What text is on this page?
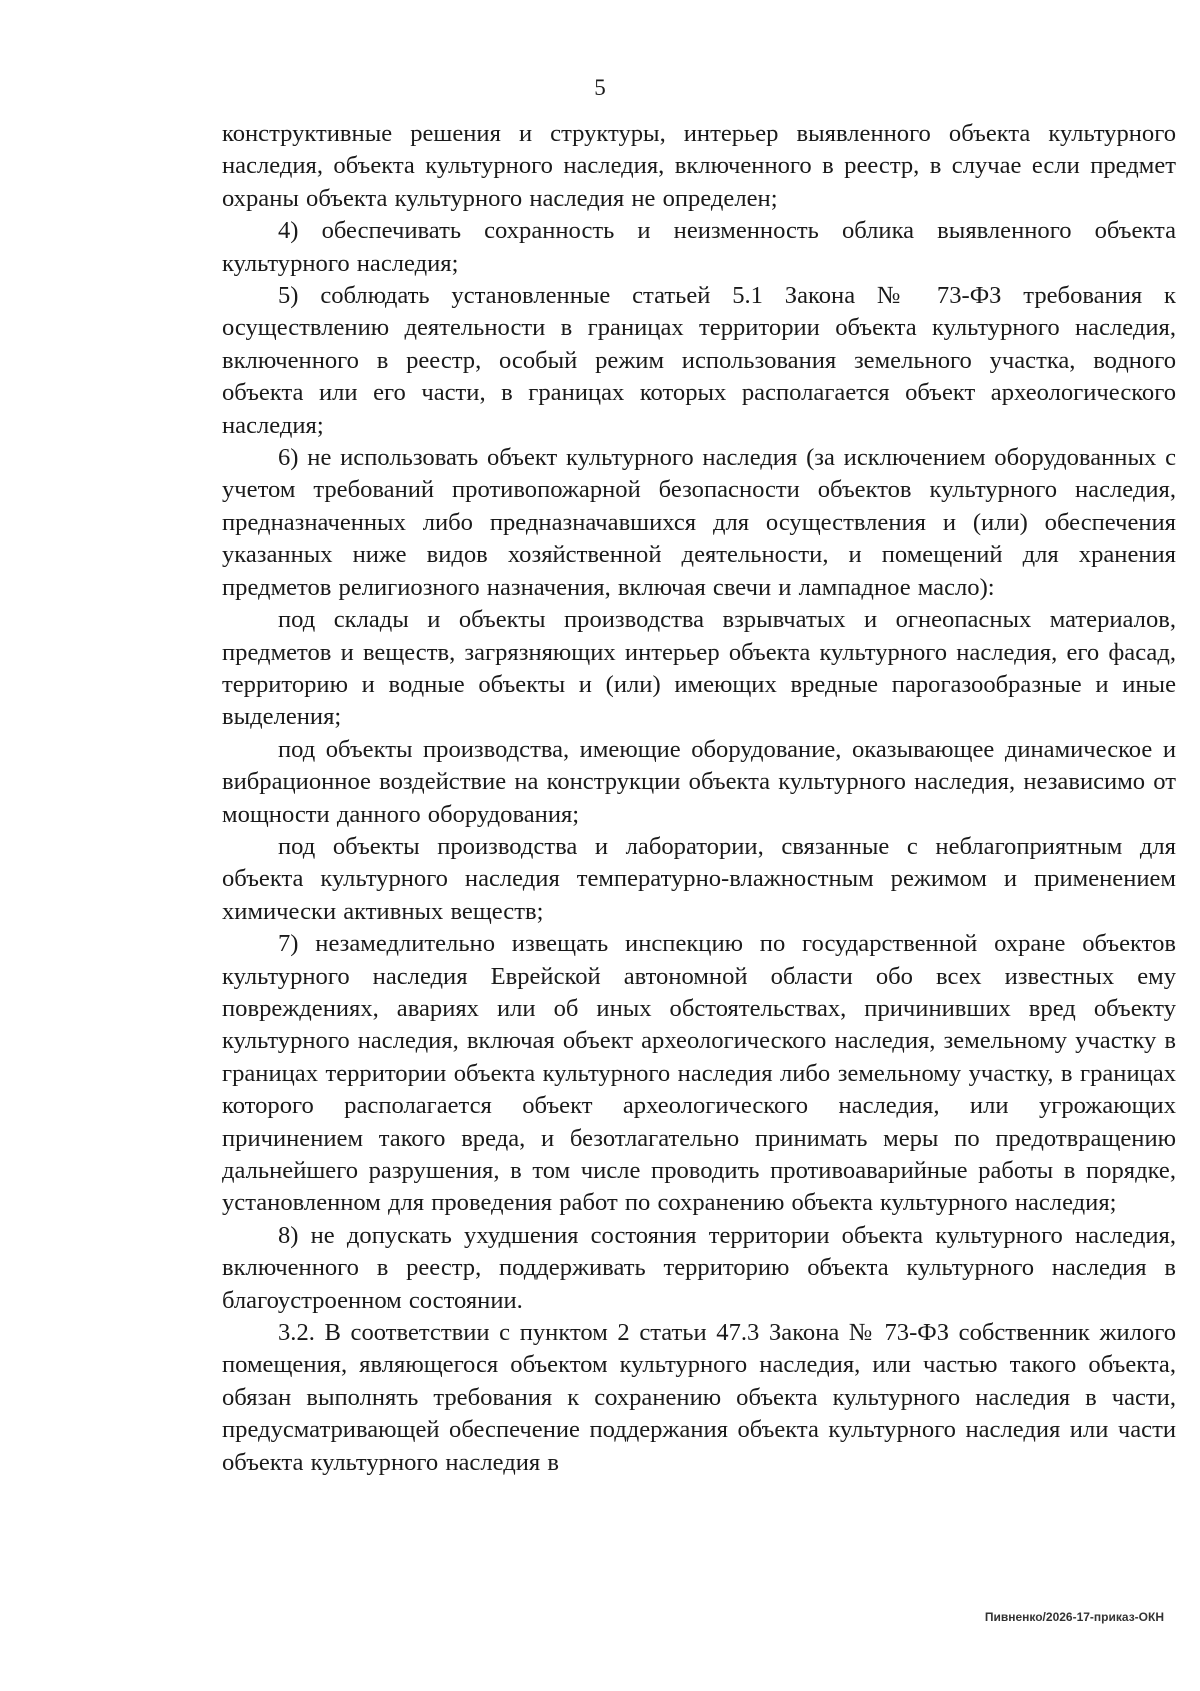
5

конструктивные решения и структуры, интерьер выявленного объекта культурного наследия, объекта культурного наследия, включенного в реестр, в случае если предмет охраны объекта культурного наследия не определен;

4) обеспечивать сохранность и неизменность облика выявленного объекта культурного наследия;

5) соблюдать установленные статьей 5.1 Закона № 73-ФЗ требования к осуществлению деятельности в границах территории объекта культурного наследия, включенного в реестр, особый режим использования земельного участка, водного объекта или его части, в границах которых располагается объект археологического наследия;

6) не использовать объект культурного наследия (за исключением оборудованных с учетом требований противопожарной безопасности объектов культурного наследия, предназначенных либо предназначавшихся для осуществления и (или) обеспечения указанных ниже видов хозяйственной деятельности, и помещений для хранения предметов религиозного назначения, включая свечи и лампадное масло):

под склады и объекты производства взрывчатых и огнеопасных материалов, предметов и веществ, загрязняющих интерьер объекта культурного наследия, его фасад, территорию и водные объекты и (или) имеющих вредные парогазообразные и иные выделения;

под объекты производства, имеющие оборудование, оказывающее динамическое и вибрационное воздействие на конструкции объекта культурного наследия, независимо от мощности данного оборудования;

под объекты производства и лаборатории, связанные с неблагоприятным для объекта культурного наследия температурно-влажностным режимом и применением химически активных веществ;

7) незамедлительно извещать инспекцию по государственной охране объектов культурного наследия Еврейской автономной области обо всех известных ему повреждениях, авариях или об иных обстоятельствах, причинивших вред объекту культурного наследия, включая объект археологического наследия, земельному участку в границах территории объекта культурного наследия либо земельному участку, в границах которого располагается объект археологического наследия, или угрожающих причинением такого вреда, и безотлагательно принимать меры по предотвращению дальнейшего разрушения, в том числе проводить противоаварийные работы в порядке, установленном для проведения работ по сохранению объекта культурного наследия;

8) не допускать ухудшения состояния территории объекта культурного наследия, включенного в реестр, поддерживать территорию объекта культурного наследия в благоустроенном состоянии.

3.2. В соответствии с пунктом 2 статьи 47.3 Закона № 73-ФЗ собственник жилого помещения, являющегося объектом культурного наследия, или частью такого объекта, обязан выполнять требования к сохранению объекта культурного наследия в части, предусматривающей обеспечение поддержания объекта культурного наследия или части объекта культурного наследия в

Пивненко/2026-17-приказ-ОКН
